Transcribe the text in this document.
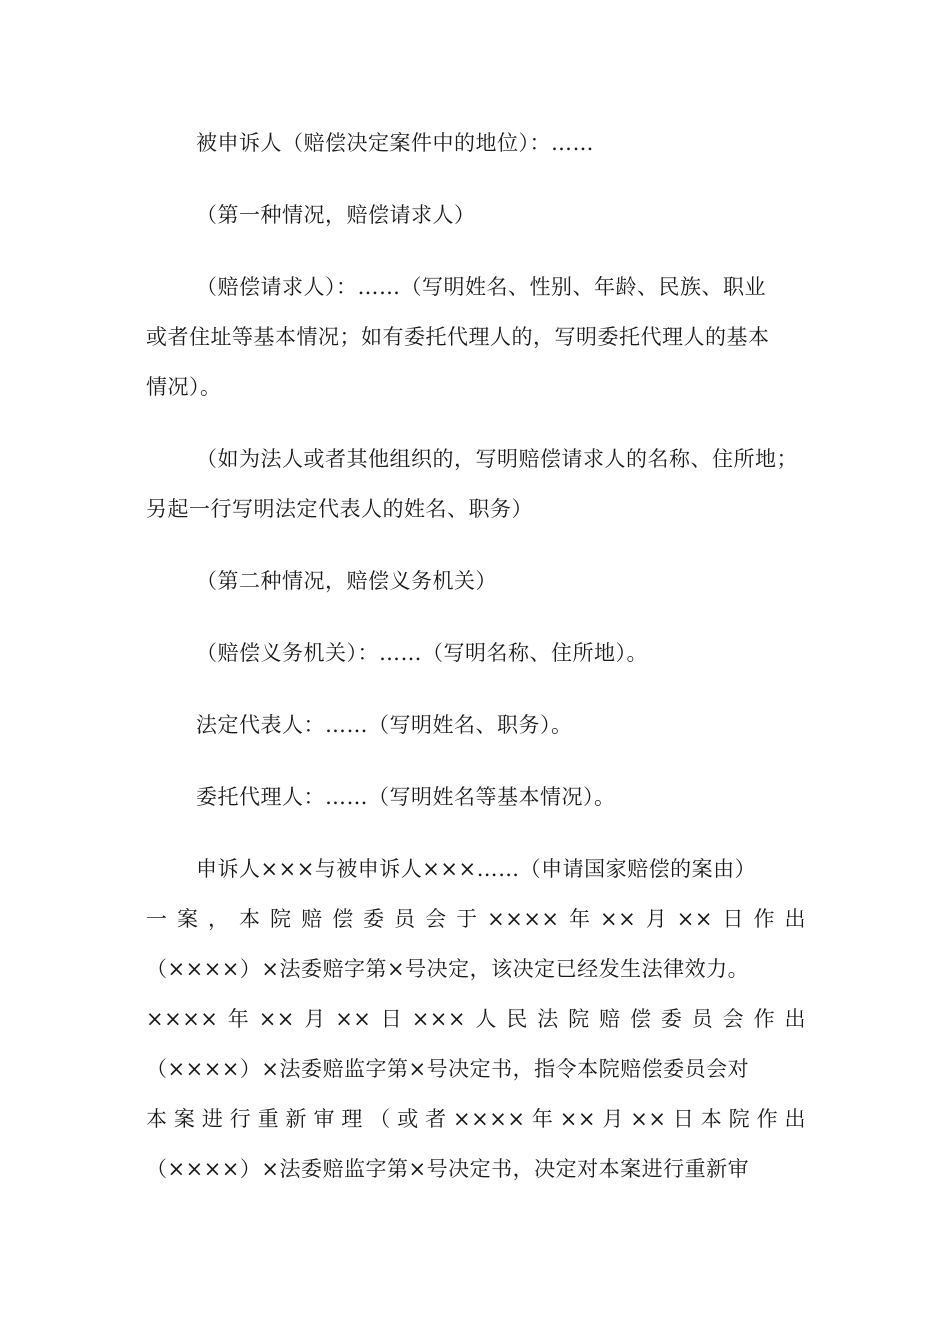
被申诉人（赔偿决定案件中的地位）：……
（第一种情况，赔偿请求人）
（赔偿请求人）：……（写明姓名、性别、年龄、民族、职业
或者住址等基本情况；如有委托代理人的，写明委托代理人的基本
情况）。
（如为法人或者其他组织的，写明赔偿请求人的名称、住所地；
另起一行写明法定代表人的姓名、职务）
（第二种情况，赔偿义务机关）
（赔偿义务机关）：……（写明名称、住所地）。
法定代表人：……（写明姓名、职务）。
委托代理人：……（写明姓名等基本情况）。
申诉人×××与被申诉人×××……（申请国家赔偿的案由）
一案，本院赔偿委员会于××××年××月××日作出
（××××）×法委赔字第×号决定，该决定已经发生法律效力。
××××年××月××日×××人民法院赔偿委员会作出
（××××）×法委赔监字第×号决定书，指令本院赔偿委员会对
本案进行重新审理（或者××××年××月××日本院作出
（××××）×法委赔监字第×号决定书，决定对本案进行重新审
